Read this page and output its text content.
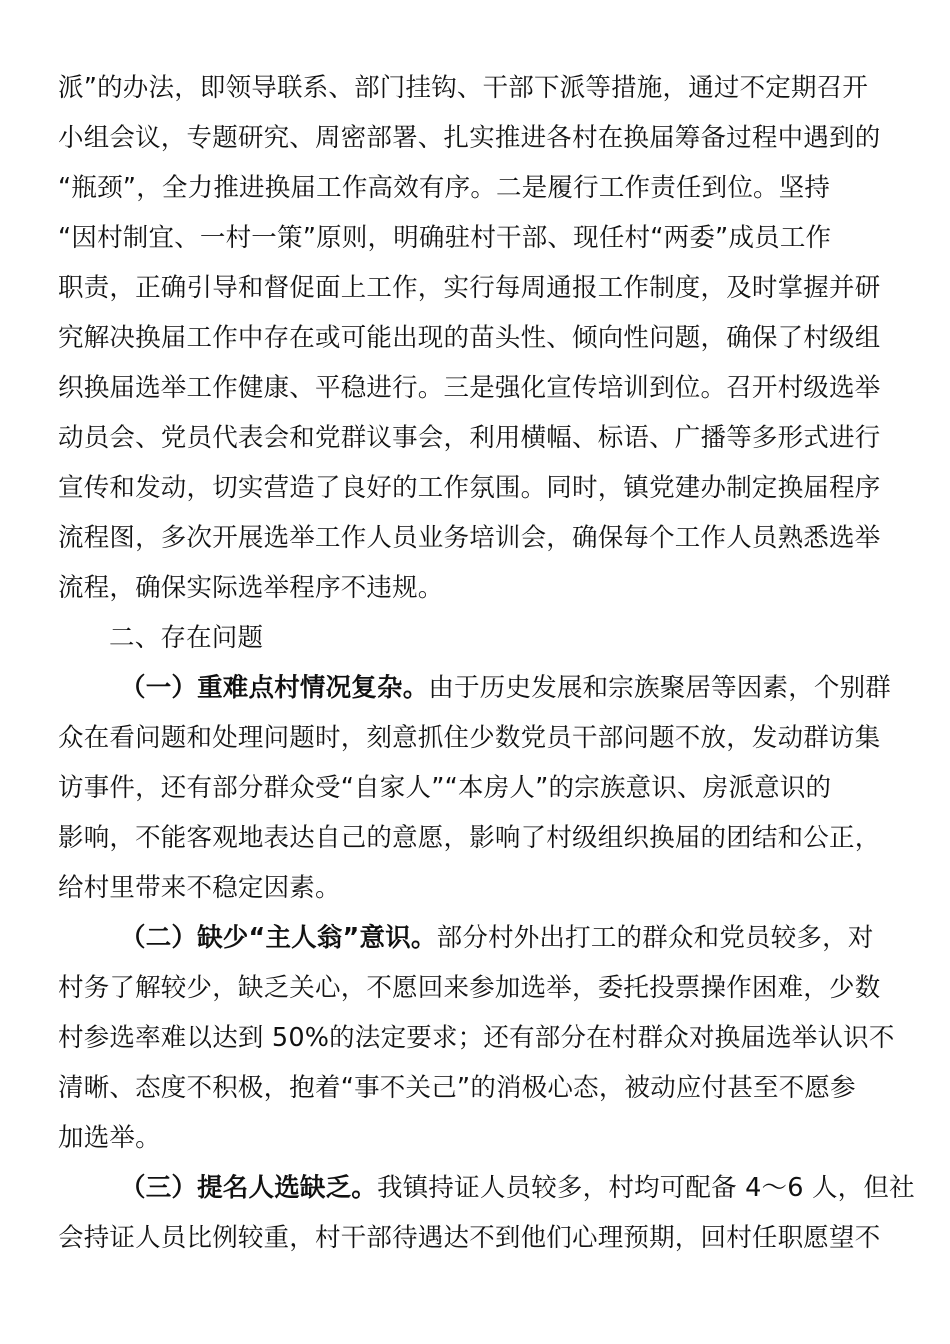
派”的办法，即领导联系、部门挂钩、干部下派等措施，通过不定期召开
小组会议，专题研究、周密部署、扎实推进各村在换届筹备过程中遇到的
“瓶颈”，全力推进换届工作高效有序。二是履行工作责任到位。坚持
“因村制宜、一村一策”原则，明确驻村干部、现任村“两委”成员工作
职责，正确引导和督促面上工作，实行每周通报工作制度，及时掌握并研
究解决换届工作中存在或可能出现的苗头性、倾向性问题，确保了村级组
织换届选举工作健康、平稳进行。三是强化宣传培训到位。召开村级选举
动员会、党员代表会和党群议事会，利用横幅、标语、广播等多形式进行
宣传和发动，切实营造了良好的工作氛围。同时，镇党建办制定换届程序
流程图，多次开展选举工作人员业务培训会，确保每个工作人员熟悉选举
流程，确保实际选举程序不违规。
二、存在问题
（一）重难点村情况复杂。由于历史发展和宗族聚居等因素，个别群
众在看问题和处理问题时，刻意抓住少数党员干部问题不放，发动群访集
访事件，还有部分群众受“自家人”“本房人”的宗族意识、房派意识的
影响，不能客观地表达自己的意愿，影响了村级组织换届的团结和公正，
给村里带来不稳定因素。
（二）缺少“主人翁”意识。部分村外出打工的群众和党员较多，对
村务了解较少，缺乏关心，不愿回来参加选举，委托投票操作困难，少数
村参选率难以达到 50%的法定要求；还有部分在村群众对换届选举认识不
清晰、态度不积极，抱着“事不关己”的消极心态，被动应付甚至不愿参
加选举。
（三）提名人选缺乏。我镇持证人员较多，村均可配备 4～6 人，但社
会持证人员比例较重，村干部待遇达不到他们心理预期，回村任职愿望不
